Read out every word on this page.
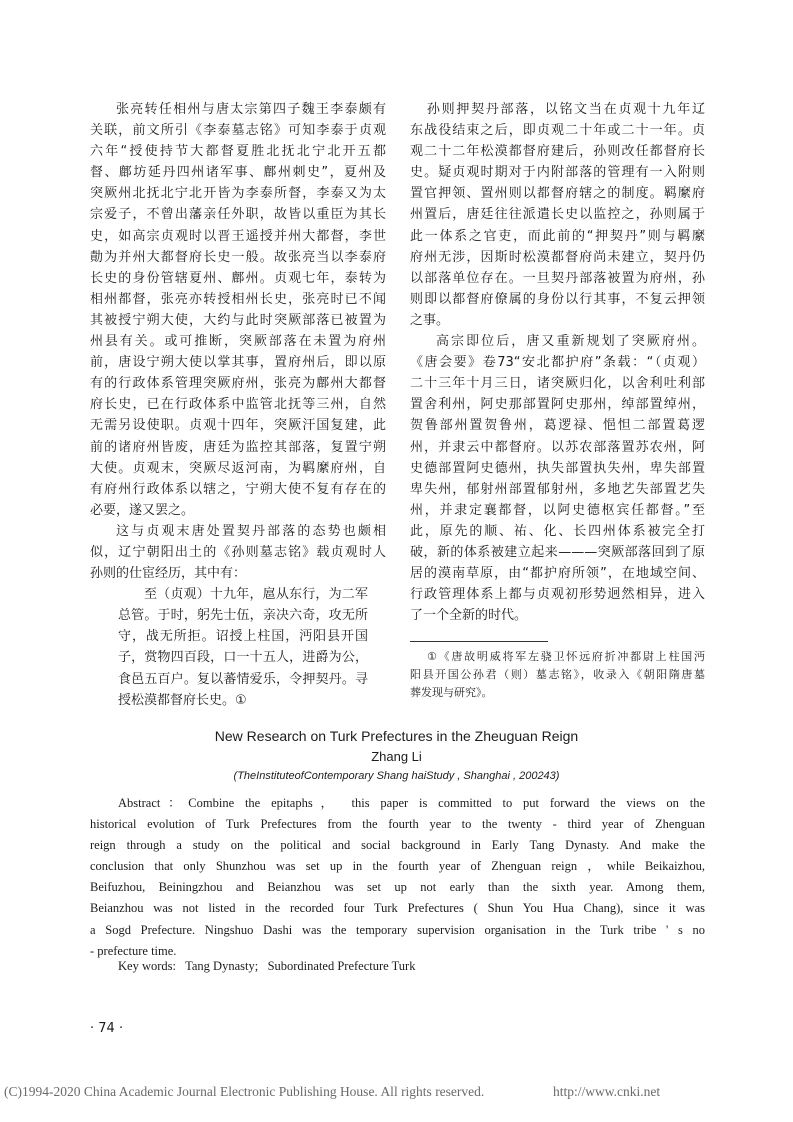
张亮转任相州与唐太宗第四子魏王李泰颇有
关联，前文所引《李泰墓志铭》可知李泰于贞观
六年“授使持节大都督夏胜北抚北宁北开五都
督、鄜坊延丹四州诸军事、鄜州刺史”，夏州及
突厥州北抚北宁北开皆为李泰所督，李泰又为太
宗爱子，不曾出藩亲任外职，故皆以重臣为其长
史，如高宗贞观时以晋王遥授并州大都督，李世
勣为并州大都督府长史一般。故张亮当以李泰府
长史的身份管辖夏州、鄜州。贞观七年，泰转为
相州都督，张亮亦转授相州长史，张亮时已不闻
其被授宁朔大使，大约与此时突厥部落已被置为
州县有关。或可推断，突厥部落在未置为府州
前，唐设宁朔大使以掌其事，置府州后，即以原
有的行政体系管理突厥府州，张亮为鄜州大都督
府长史，已在行政体系中监管北抚等三州，自然
无需另设使职。贞观十四年，突厥汗国复建，此
前的诸府州皆废，唐廷为监控其部落，复置宁朔
大使。贞观末，突厥尽返河南，为羁縻府州，自
有府州行政体系以辖之，宁朔大使不复有存在的
必要，遂又罢之。
这与贞观末唐处置契丹部落的态势也颇相
似，辽宁朝阳出土的《孙则墓志铭》载贞观时人
孙则的仕宦经历，其中有：
至（贞观）十九年，扈从东行，为二军
总管。于时，躬先士伍，亲决六奇，攻无所
守，战无所拒。诏授上柱国，沔阳县开国
子，赏物四百段，口一十五人，进爵为公，
食邑五百户。复以蕃情爱乐，令押契丹。寻
授松漠都督府长史。①
孙则押契丹部落，以铭文当在贞观十九年辽
东战役结束之后，即贞观二十年或二十一年。贞
观二十二年松漠都督府建后，孙则改任都督府长
史。疑贞观时期对于内附部落的管理有一入附则
置官押领、置州则以都督府辖之的制度。羁縻府
州置后，唐廷往往派遣长史以监控之，孙则属于
此一体系之官吏，而此前的“押契丹”则与羁縻
府州无涉，因斯时松漠都督府尚未建立，契丹仍
以部落单位存在。一旦契丹部落被置为府州，孙
则即以都督府僚属的身份以行其事，不复云押领
之事。
高宗即位后，唐又重新规划了突厥府州。
《唐会要》卷73“安北都护府”条载：“（贞观）
二十三年十月三日，诸突厥归化，以舍利吐利部
置舍利州，阿史那部置阿史那州，绰部置绰州，
贺鲁部州置贺鲁州，葛逻禄、悒怛二部置葛逻
州，并隶云中都督府。以苏农部落置苏农州，阿
史德部置阿史德州，执失部置执失州，卑失部置
卑失州，郁射州部置郁射州，多地艺失部置艺失
州，并隶定襄都督，以阿史德枢宾任都督。”至
此，原先的顺、祐、化、长四州体系被完全打
破，新的体系被建立起来———突厥部落回到了原
居的漠南草原，由“都护府所领”，在地域空间、
行政管理体系上都与贞观初形势迥然相异，进入
了一个全新的时代。
①《唐故明威将军左骁卫怀远府折冲都尉上柱国沔
阳县开国公孙君（则）墓志铭》，收录入《朝阳隋唐墓
葬发现与研究》。
New Research on Turk Prefectures in the Zheuguan Reign
Zhang Li
(TheInstituteofContemporary Shang haiStudy , Shanghai , 200243)
Abstract：Combine the epitaphs， this paper is committed to put forward the views on the
historical evolution of Turk Prefectures from the fourth year to the twenty - third year of Zhenguan
reign through a study on the political and social background in Early Tang Dynasty. And make the
conclusion that only Shunzhou was set up in the fourth year of Zhenguan reign ，while Beikaizhou,
Beifuzhou, Beiningzhou and Beianzhou was set up not early than the sixth year. Among them,
Beianzhou was not listed in the recorded four Turk Prefectures ( Shun You Hua Chang), since it was
a Sogd Prefecture. Ningshuo Dashi was the temporary supervision organisation in the Turk tribe ' s no
- prefecture time.
Key words:   Tang Dynasty;   Subordinated Prefecture Turk
· 74 ·
(C)1994-2020 China Academic Journal Electronic Publishing House. All rights reserved.	http://www.cnki.net
